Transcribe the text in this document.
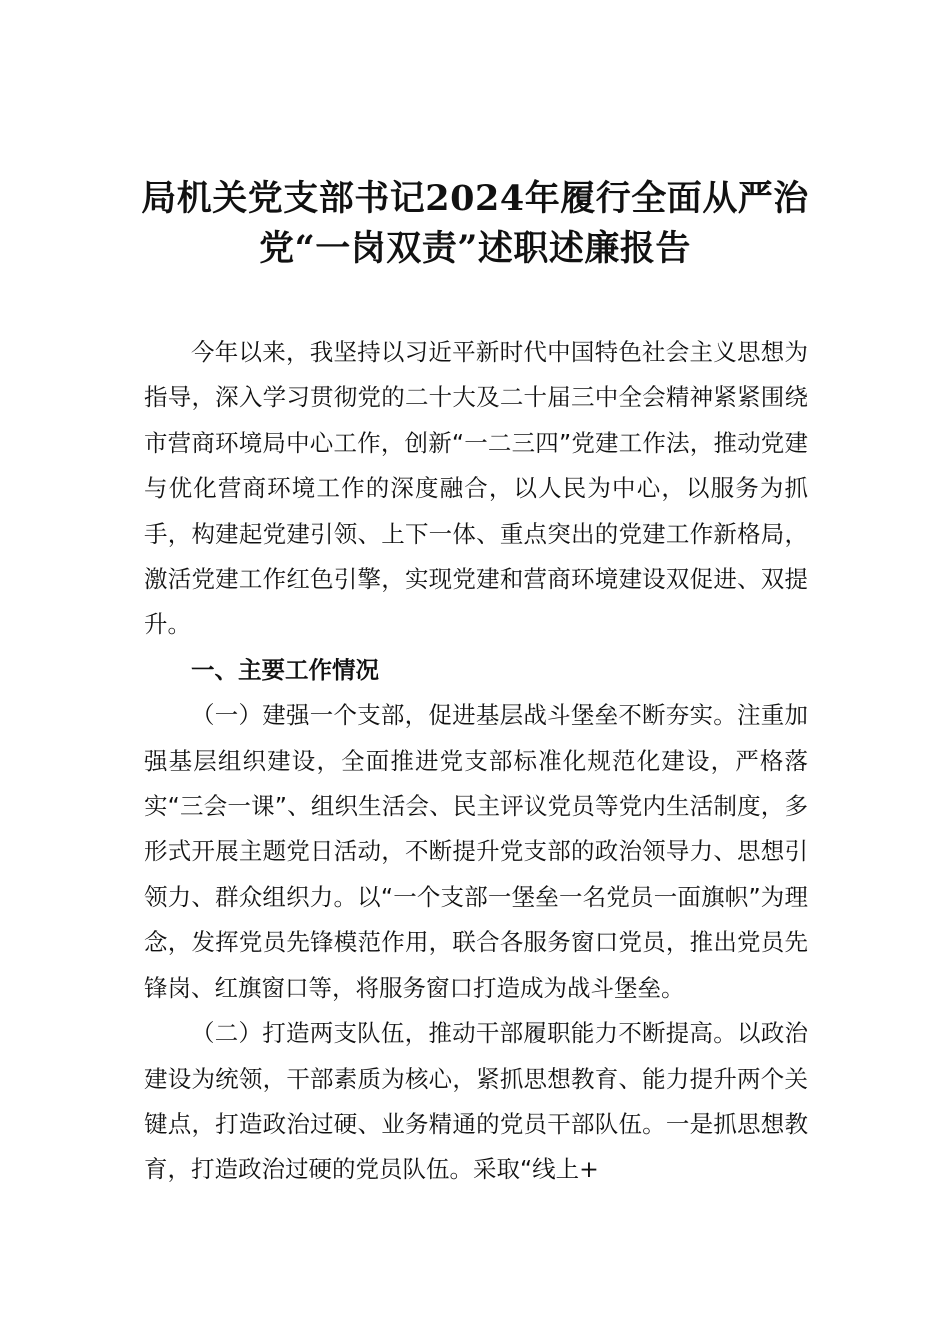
局机关党支部书记2024年履行全面从严治
党“一岗双责”述职述廉报告

今年以来，我坚持以习近平新时代中国特色社会主义思想为指导，深入学习贯彻党的二十大及二十届三中全会精神紧紧围绕市营商环境局中心工作，创新“一二三四”党建工作法，推动党建与优化营商环境工作的深度融合，以人民为中心，以服务为抓手，构建起党建引领、上下一体、重点突出的党建工作新格局，激活党建工作红色引擎，实现党建和营商环境建设双促进、双提升。

一、主要工作情况

（一）建强一个支部，促进基层战斗堡垒不断夯实。注重加强基层组织建设，全面推进党支部标准化规范化建设，严格落实“三会一课”、组织生活会、民主评议党员等党内生活制度，多形式开展主题党日活动，不断提升党支部的政治领导力、思想引领力、群众组织力。以“一个支部一堡垒一名党员一面旗帜”为理念，发挥党员先锋模范作用，联合各服务窗口党员，推出党员先锋岗、红旗窗口等，将服务窗口打造成为战斗堡垒。

（二）打造两支队伍，推动干部履职能力不断提高。以政治建设为统领，干部素质为核心，紧抓思想教育、能力提升两个关键点，打造政治过硬、业务精通的党员干部队伍。一是抓思想教育，打造政治过硬的党员队伍。采取“线上+
